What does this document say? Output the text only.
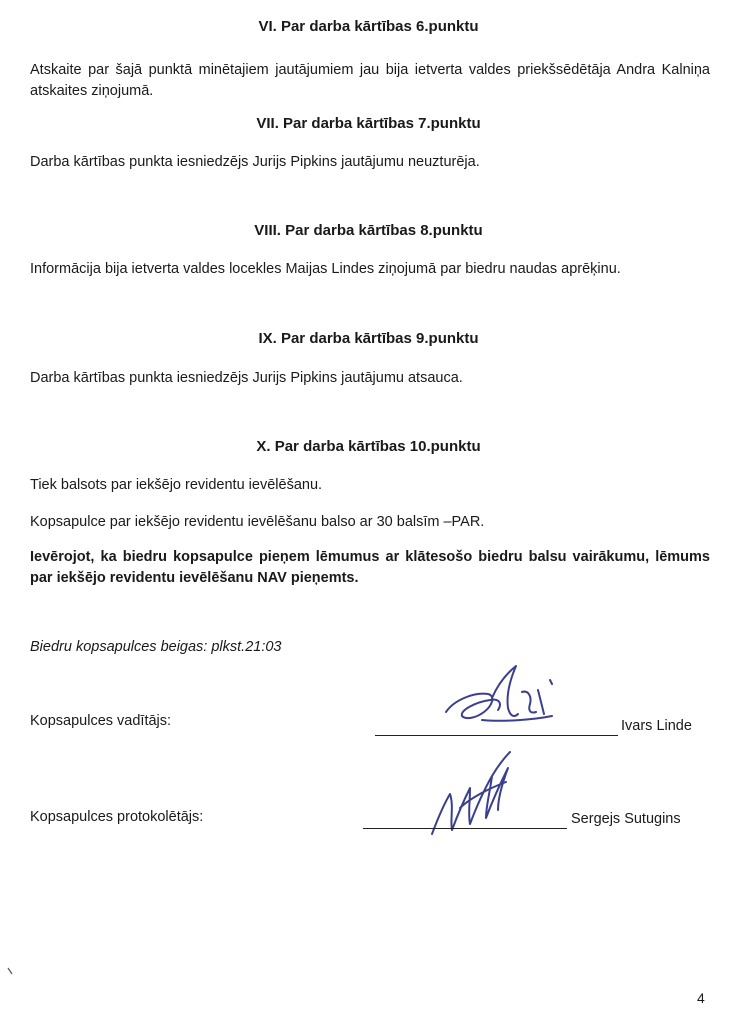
VI. Par darba kārtības 6.punktu
Atskaite par šajā punktā minētajiem jautājumiem jau bija ietverta valdes priekšsēdētāja Andra Kalniņa atskaites ziņojumā.
VII. Par darba kārtības 7.punktu
Darba kārtības punkta iesniedzējs Jurijs Pipkins jautājumu neuzturēja.
VIII. Par darba kārtības 8.punktu
Informācija bija ietverta valdes locekles Maijas Lindes ziņojumā par biedru naudas aprēķinu.
IX. Par darba kārtības 9.punktu
Darba kārtības punkta iesniedzējs Jurijs Pipkins jautājumu atsauca.
X. Par darba kārtības 10.punktu
Tiek balsots par iekšējo revidentu ievēlēšanu.
Kopsapulce par iekšējo revidentu ievēlēšanu balso ar 30 balsīm –PAR.
Ievērojot, ka biedru kopsapulce pieņem lēmumus ar klātesošo biedru balsu vairākumu, lēmums par iekšējo revidentu ievēlēšanu NAV pieņemts.
Biedru kopsapulces beigas: plkst.21:03
Kopsapulces vadītājs:	Ivars Linde
Kopsapulces protokolētājs:	Sergejs Sutugins
4
